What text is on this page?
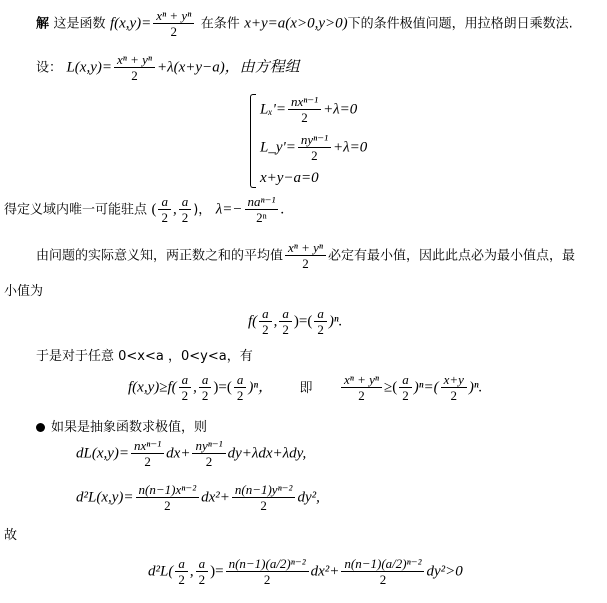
解 这是函数 $f(x,y)= \frac{\text{xⁿ + yⁿ}}{2}$ 在条件 x+y=a(x>0,y>0)下的条件极值问题，用拉格朗日乘数法.
设： $L(x,y)= \frac{\text{xⁿ + yⁿ}}{2} +\lambda(x+y-a)$，由方程组
$L_x'= \frac{\text{nxⁿ⁻¹}}{2} +\lambda=0$
L_y'= $\frac{\text{nyⁿ⁻¹}}{2} +\lambda=0$
x+y−a=0
得定义域内唯一可能驻点 ( $\frac{a}{2}$ , $\frac{a}{2}$ )， $\lambda=- \frac{\text{naⁿ⁻¹}}{\text{2ⁿ}}$ .
由问题的实际意义知，两正数之和的平均值 $\frac{\text{xⁿ + yⁿ}}{2}$ 必定有最小值，因此此点必为最小值点，最
小值为
$f( \frac{a}{2}$ , $\frac{a}{2}$ )=( $\frac{a}{2} )^n$.
于是对于任意 0<x<a ，0<y<a，有
$f(x,y)\ge f( \frac{a}{2}$ , $\frac{a}{2}$ )=( $\frac{a}{2} )^n$， 即 $\frac{\text{xⁿ + yⁿ}}{2}$ ≥( $\frac{a}{2} )^n=( \frac{x+y}{2} )^n$.
如果是抽象函数求极值，则
$dL(x,y)= \frac{\text{nxⁿ⁻¹}}{2} dx+ \frac{\text{nyⁿ⁻¹}}{2} dy+\lambda dx+\lambda dy$,
$d^2L(x,y)= \frac{\text{n(n−1)xⁿ⁻²}}{2} dx^2+ \frac{\text{n(n−1)yⁿ⁻²}}{2} dy^2$,
故
$d^2L( \frac{a}{2}$ , $\frac{a}{2}$ )= $\frac{\text{n(n−1)(a/2)ⁿ⁻²}}{2} dx^2+ \frac{\text{n(n−1)(a/2)ⁿ⁻²}}{2} dy^2>0$
